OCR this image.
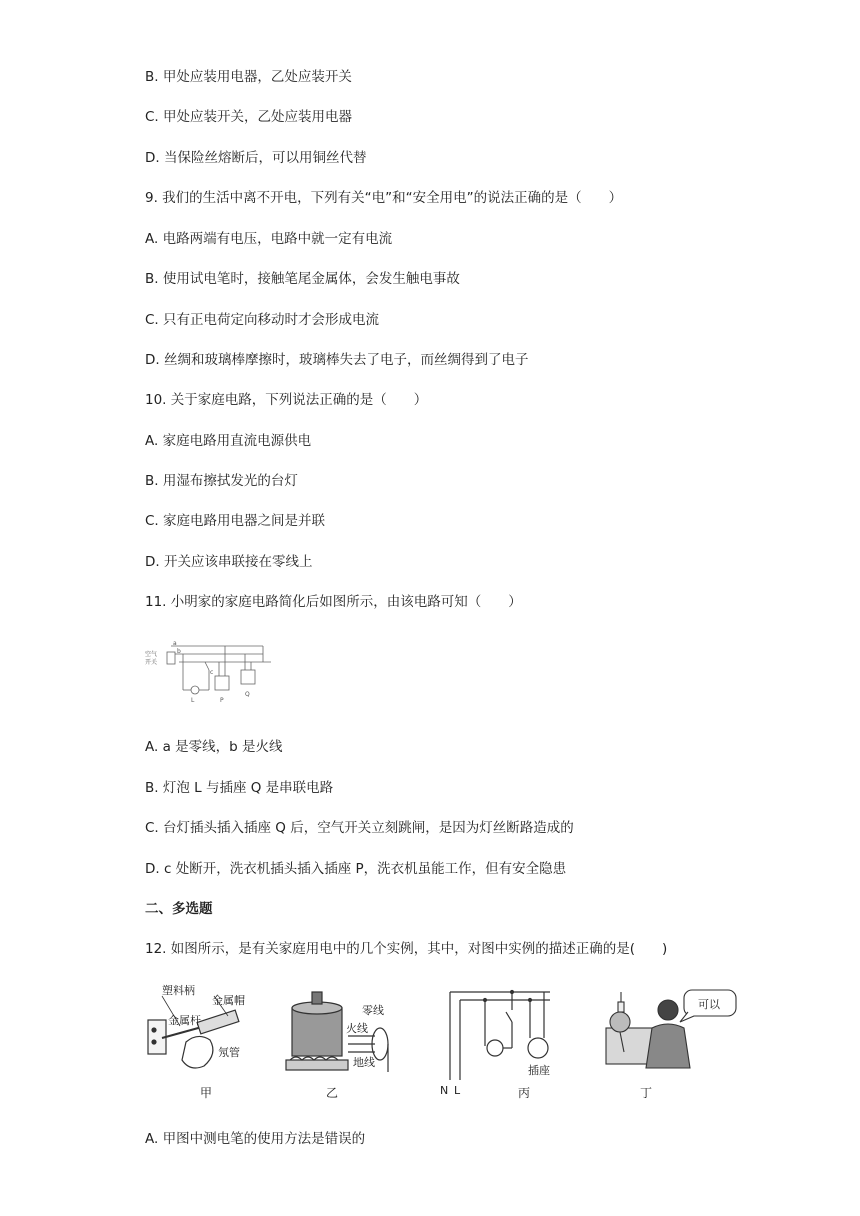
B. 甲处应装用电器，乙处应装开关
C. 甲处应装开关，乙处应装用电器
D. 当保险丝熔断后，可以用铜丝代替
9. 我们的生活中离不开电，下列有关“电”和“安全用电”的说法正确的是（　　）
A. 电路两端有电压，电路中就一定有电流
B. 使用试电笔时，接触笔尾金属体，会发生触电事故
C. 只有正电荷定向移动时才会形成电流
D. 丝绸和玻璃棒摩擦时，玻璃棒失去了电子，而丝绸得到了电子
10. 关于家庭电路，下列说法正确的是（　　）
A. 家庭电路用直流电源供电
B. 用湿布擦拭发光的台灯
C. 家庭电路用电器之间是并联
D. 开关应该串联接在零线上
11. 小明家的家庭电路简化后如图所示，由该电路可知（　　）
空气
开关
a
b
c
L	P
Q
A. a 是零线，b 是火线
B. 灯泡 L 与插座 Q 是串联电路
C. 台灯插头插入插座 Q 后，空气开关立刻跳闸，是因为灯丝断路造成的
D. c 处断开，洗衣机插头插入插座 P，洗衣机虽能工作，但有安全隐患
二、多选题
12. 如图所示，是有关家庭用电中的几个实例，其中，对图中实例的描述正确的是(　　)
塑料柄
金属帽
金属杆
氖管
甲
零线
火线
地线
乙	N L
插座
丙
可以
丁
A. 甲图中测电笔的使用方法是错误的
